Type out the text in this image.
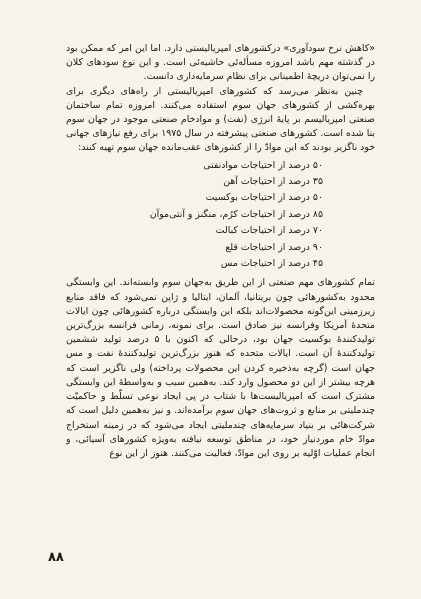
«کاهش نرخ سودآوری» درکشورهای امپریالیستی دارد. اما این امر که ممکن بود در گذشته مهم باشد امروزه مسأله‌ئی حاشیه‌ئی است. و این نوع سودهای کلان را نمی‌توان دریچهٔ اطمینانی برای نظام سرمایه‌داری دانست.

چنین به‌نظر می‌رسد که کشورهای امپریالیستی از راه‌های دیگری برای بهره‌کشی از کشورهای جهان سوم استفاده می‌کنند. امروزه تمام ساختمان صنعتی امپریالیسم بر پایهٔ انرژی (نفت) و موادخام صنعتی موجود در جهان سوم بنا شده است. کشورهای صنعتی پیشرفته در سال ۱۹۷۵ برای رفع نیازهای جهانی خود ناگزیر بودند که این موادّ را از کشورهای عقب‌مانده جهان سوم تهیه کنند:

۵۰ درصد از احتیاجات موادنفتی
۳۵ درصد از احتیاجات آهن
۵۰ درصد از احتیاجات بوکسیت
۸۵ درصد از احتیاجات کرُم، منگنز و آنتی‌موآن
۷۰ درصد از احتیاجات کبالت
۹۰ درصد از احتیاجات قلع
۴۵ درصد از احتیاجات مس

تمام کشورهای مهم صنعتی از این طریق به‌جهان سوم وابسته‌اند. این وابستگی محدود به‌کشورهائی چون بریتانیا، آلمان، ایتالیا و ژاپن نمی‌شود که فاقد منابع زیرزمینی این‌گونه محصولات‌اند بلکه این وابستگی درباره کشورهائی چون ایالات متحدهٔ آمریکا وفرانسه نیز صادق است. برای نمونه، زمانی فرانسه بزرگ‌ترین تولیدکنندهٔ بوکسیت جهان بود، درحالی که اکنون با ۵ درصد تولید ششمین تولیدکنندهٔ آن است. ایالات متحده که هنوز بزرگ‌ترین تولیدکنندهٔ نفت و مس جهان است (گرچه به‌ذخیره کردن این محصولات پرداخته) ولی ناگزیر است که هرچه بیشتر از این دو محصول وارد کند. به‌همین سبب و به‌واسطهٔ این وابستگی مشترک است که امپریالیست‌ها با شتاب در پی ایجاد نوعی تسلّط و حاکمیّت چندملیتی بر منابع و ثروت‌های جهان سوم برآمده‌اند. و نیز به‌همین دلیل است که شرکت‌هائی بر بنیاد سرمایه‌های چندملیتی ایجاد می‌شود که در زمینه استخراج موادّ خام موردنیاز خود، در مناطق توسعه نیافته به‌ویژه کشورهای آسیائی، و انجام عملیات اوّلیه بر روی این موادّ، فعالیت می‌کنند. هنوز از این نوع

۸۸
